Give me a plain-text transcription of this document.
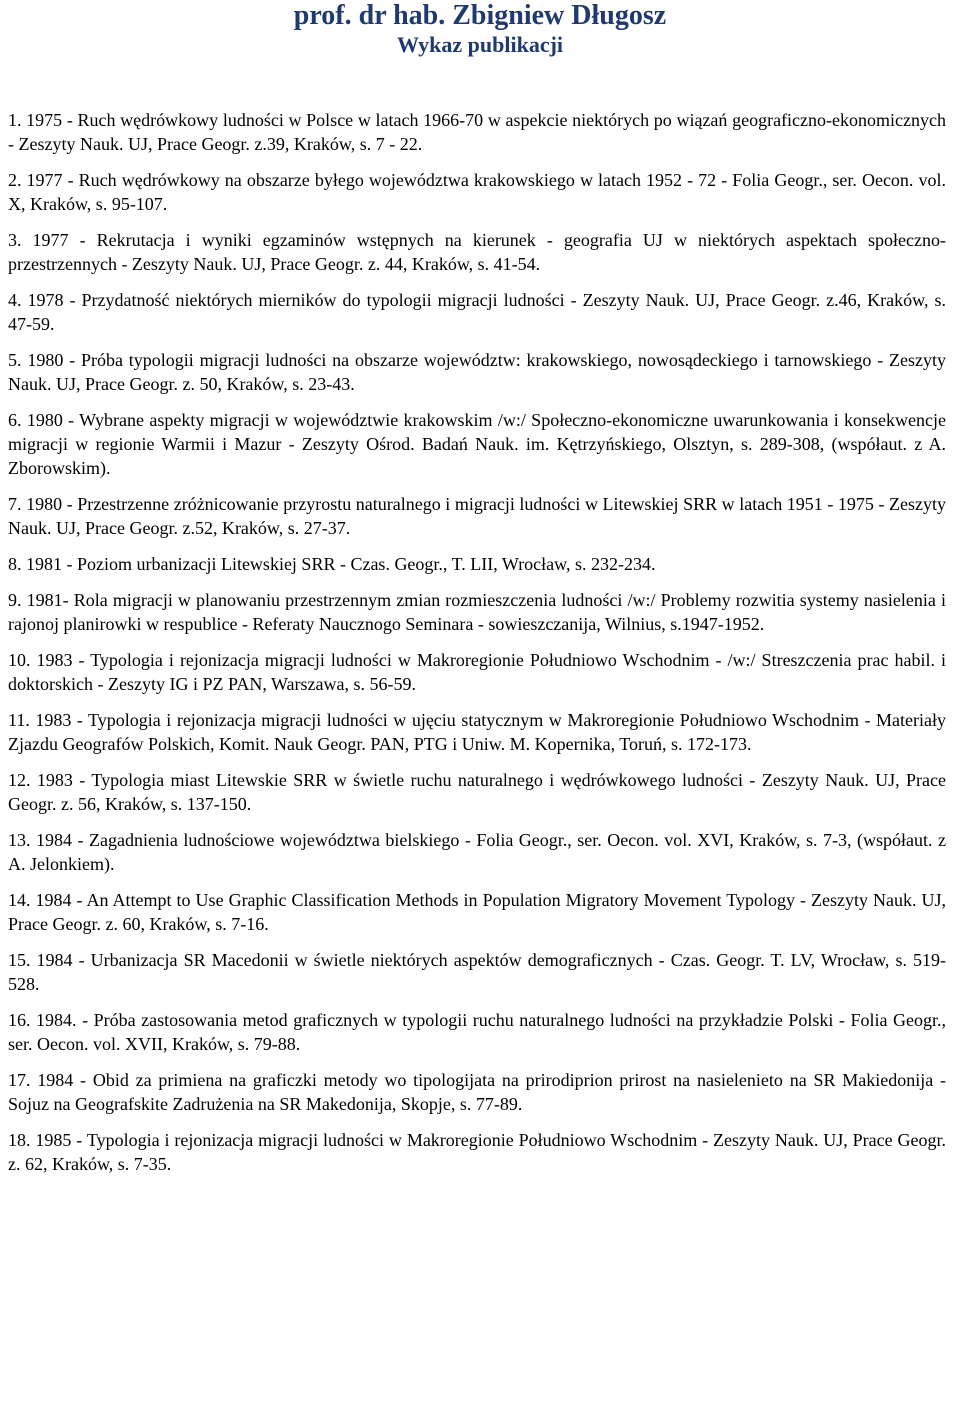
prof. dr hab. Zbigniew Długosz
Wykaz publikacji

1. 1975 - Ruch wędrówkowy ludności w Polsce w latach 1966-70 w aspekcie niektórych po wiązań geograficzno-ekonomicznych - Zeszyty Nauk. UJ, Prace Geogr. z.39, Kraków, s. 7 - 22.

2. 1977 - Ruch wędrówkowy na obszarze byłego województwa krakowskiego w latach 1952 - 72 - Folia Geogr., ser. Oecon. vol. X, Kraków, s. 95-107.

3. 1977 - Rekrutacja i wyniki egzaminów wstępnych na kierunek - geografia UJ w niektórych aspektach społeczno-przestrzennych - Zeszyty Nauk. UJ, Prace Geogr. z. 44, Kraków, s. 41-54.

4. 1978 - Przydatność niektórych mierników do typologii migracji ludności - Zeszyty Nauk. UJ, Prace Geogr. z.46, Kraków, s. 47-59.

5. 1980 - Próba typologii migracji ludności na obszarze województw: krakowskiego, nowosądeckiego i tarnowskiego - Zeszyty Nauk. UJ, Prace Geogr. z. 50, Kraków, s. 23-43.

6. 1980 - Wybrane aspekty migracji w województwie krakowskim /w:/ Społeczno-ekonomiczne uwarunkowania i konsekwencje migracji w regionie Warmii i Mazur - Zeszyty Ośrod. Badań Nauk. im. Kętrzyńskiego, Olsztyn, s. 289-308, (współaut. z A. Zborowskim).

7. 1980 - Przestrzenne zróżnicowanie przyrostu naturalnego i migracji ludności w Litewskiej SRR w latach 1951 - 1975 - Zeszyty Nauk. UJ, Prace Geogr. z.52, Kraków, s. 27-37.

8. 1981 - Poziom urbanizacji Litewskiej SRR - Czas. Geogr., T. LII, Wrocław, s. 232-234.

9. 1981- Rola migracji w planowaniu przestrzennym zmian rozmieszczenia ludności /w:/ Problemy rozwitia systemy nasielenia i rajonoj planirowki w respublice - Referaty Naucznogo Seminara - sowieszczanija, Wilnius, s.1947-1952.

10. 1983 - Typologia i rejonizacja migracji ludności w Makroregionie Południowo Wschodnim - /w:/ Streszczenia prac habil. i doktorskich - Zeszyty IG i PZ PAN, Warszawa, s. 56-59.

11. 1983 - Typologia i rejonizacja migracji ludności w ujęciu statycznym w Makroregionie Południowo Wschodnim - Materiały Zjazdu Geografów Polskich, Komit. Nauk Geogr. PAN, PTG i Uniw. M. Kopernika, Toruń, s. 172-173.

12. 1983 - Typologia miast Litewskie SRR w świetle ruchu naturalnego i wędrówkowego ludności - Zeszyty Nauk. UJ, Prace Geogr. z. 56, Kraków, s. 137-150.

13. 1984 - Zagadnienia ludnościowe województwa bielskiego - Folia Geogr., ser. Oecon. vol. XVI, Kraków, s. 7-3, (współaut. z A. Jelonkiem).

14. 1984 - An Attempt to Use Graphic Classification Methods in Population Migratory Movement Typology - Zeszyty Nauk. UJ, Prace Geogr. z. 60, Kraków, s. 7-16.

15. 1984 - Urbanizacja SR Macedonii w świetle niektórych aspektów demograficznych - Czas. Geogr. T. LV, Wrocław, s. 519-528.

16. 1984. - Próba zastosowania metod graficznych w typologii ruchu naturalnego ludności na przykładzie Polski - Folia Geogr., ser. Oecon. vol. XVII, Kraków, s. 79-88.

17. 1984 - Obid za primiena na graficzki metody wo tipologijata na prirodiprion prirost na nasielenieto na SR Makiedonija - Sojuz na Geografskite Zadrużenia na SR Makedonija, Skopje, s. 77-89.

18. 1985 - Typologia i rejonizacja migracji ludności w Makroregionie Południowo Wschodnim - Zeszyty Nauk. UJ, Prace Geogr. z. 62, Kraków, s. 7-35.
